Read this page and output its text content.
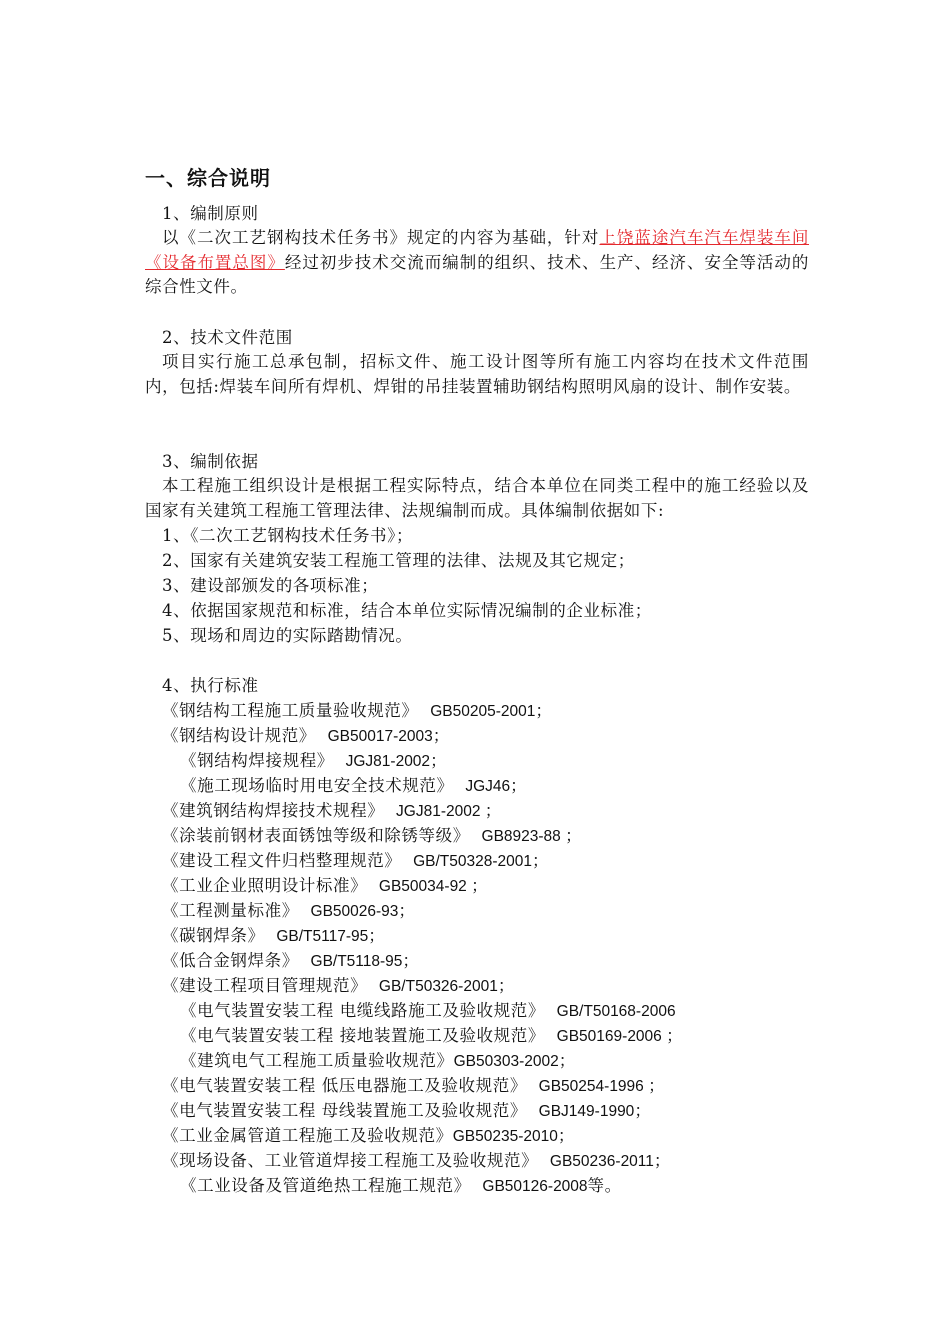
一、综合说明
1、编制原则
以《二次工艺钢构技术任务书》规定的内容为基础，针对上饶蓝途汽车汽车焊装车间《设备布置总图》经过初步技术交流而编制的组织、技术、生产、经济、安全等活动的综合性文件。
2、技术文件范围
项目实行施工总承包制，招标文件、施工设计图等所有施工内容均在技术文件范围内，包括:焊装车间所有焊机、焊钳的吊挂装置辅助钢结构照明风扇的设计、制作安装。
3、编制依据
本工程施工组织设计是根据工程实际特点，结合本单位在同类工程中的施工经验以及国家有关建筑工程施工管理法律、法规编制而成。具体编制依据如下:
1、《二次工艺钢构技术任务书》；
2、国家有关建筑安装工程施工管理的法律、法规及其它规定；
3、建设部颁发的各项标准；
4、依据国家规范和标准，结合本单位实际情况编制的企业标准；
5、现场和周边的实际踏勘情况。
4、执行标准
《钢结构工程施工质量验收规范》 GB50205-2001；
《钢结构设计规范》 GB50017-2003；
《钢结构焊接规程》 JGJ81-2002；
《施工现场临时用电安全技术规范》 JGJ46；
《建筑钢结构焊接技术规程》 JGJ81-2002 ；
《涂装前钢材表面锈蚀等级和除锈等级》 GB8923-88 ；
《建设工程文件归档整理规范》 GB/T50328-2001；
《工业企业照明设计标准》 GB50034-92 ；
《工程测量标准》 GB50026-93；
《碳钢焊条》 GB/T5117-95；
《低合金钢焊条》 GB/T5118-95；
《建设工程项目管理规范》 GB/T50326-2001；
《电气装置安装工程 电缆线路施工及验收规范》 GB/T50168-2006
《电气装置安装工程 接地装置施工及验收规范》 GB50169-2006 ；
《建筑电气工程施工质量验收规范》GB50303-2002；
《电气装置安装工程 低压电器施工及验收规范》 GB50254-1996 ；
《电气装置安装工程 母线装置施工及验收规范》 GBJ149-1990；
《工业金属管道工程施工及验收规范》GB50235-2010；
《现场设备、工业管道焊接工程施工及验收规范》 GB50236-2011；
《工业设备及管道绝热工程施工规范》 GB50126-2008等。
